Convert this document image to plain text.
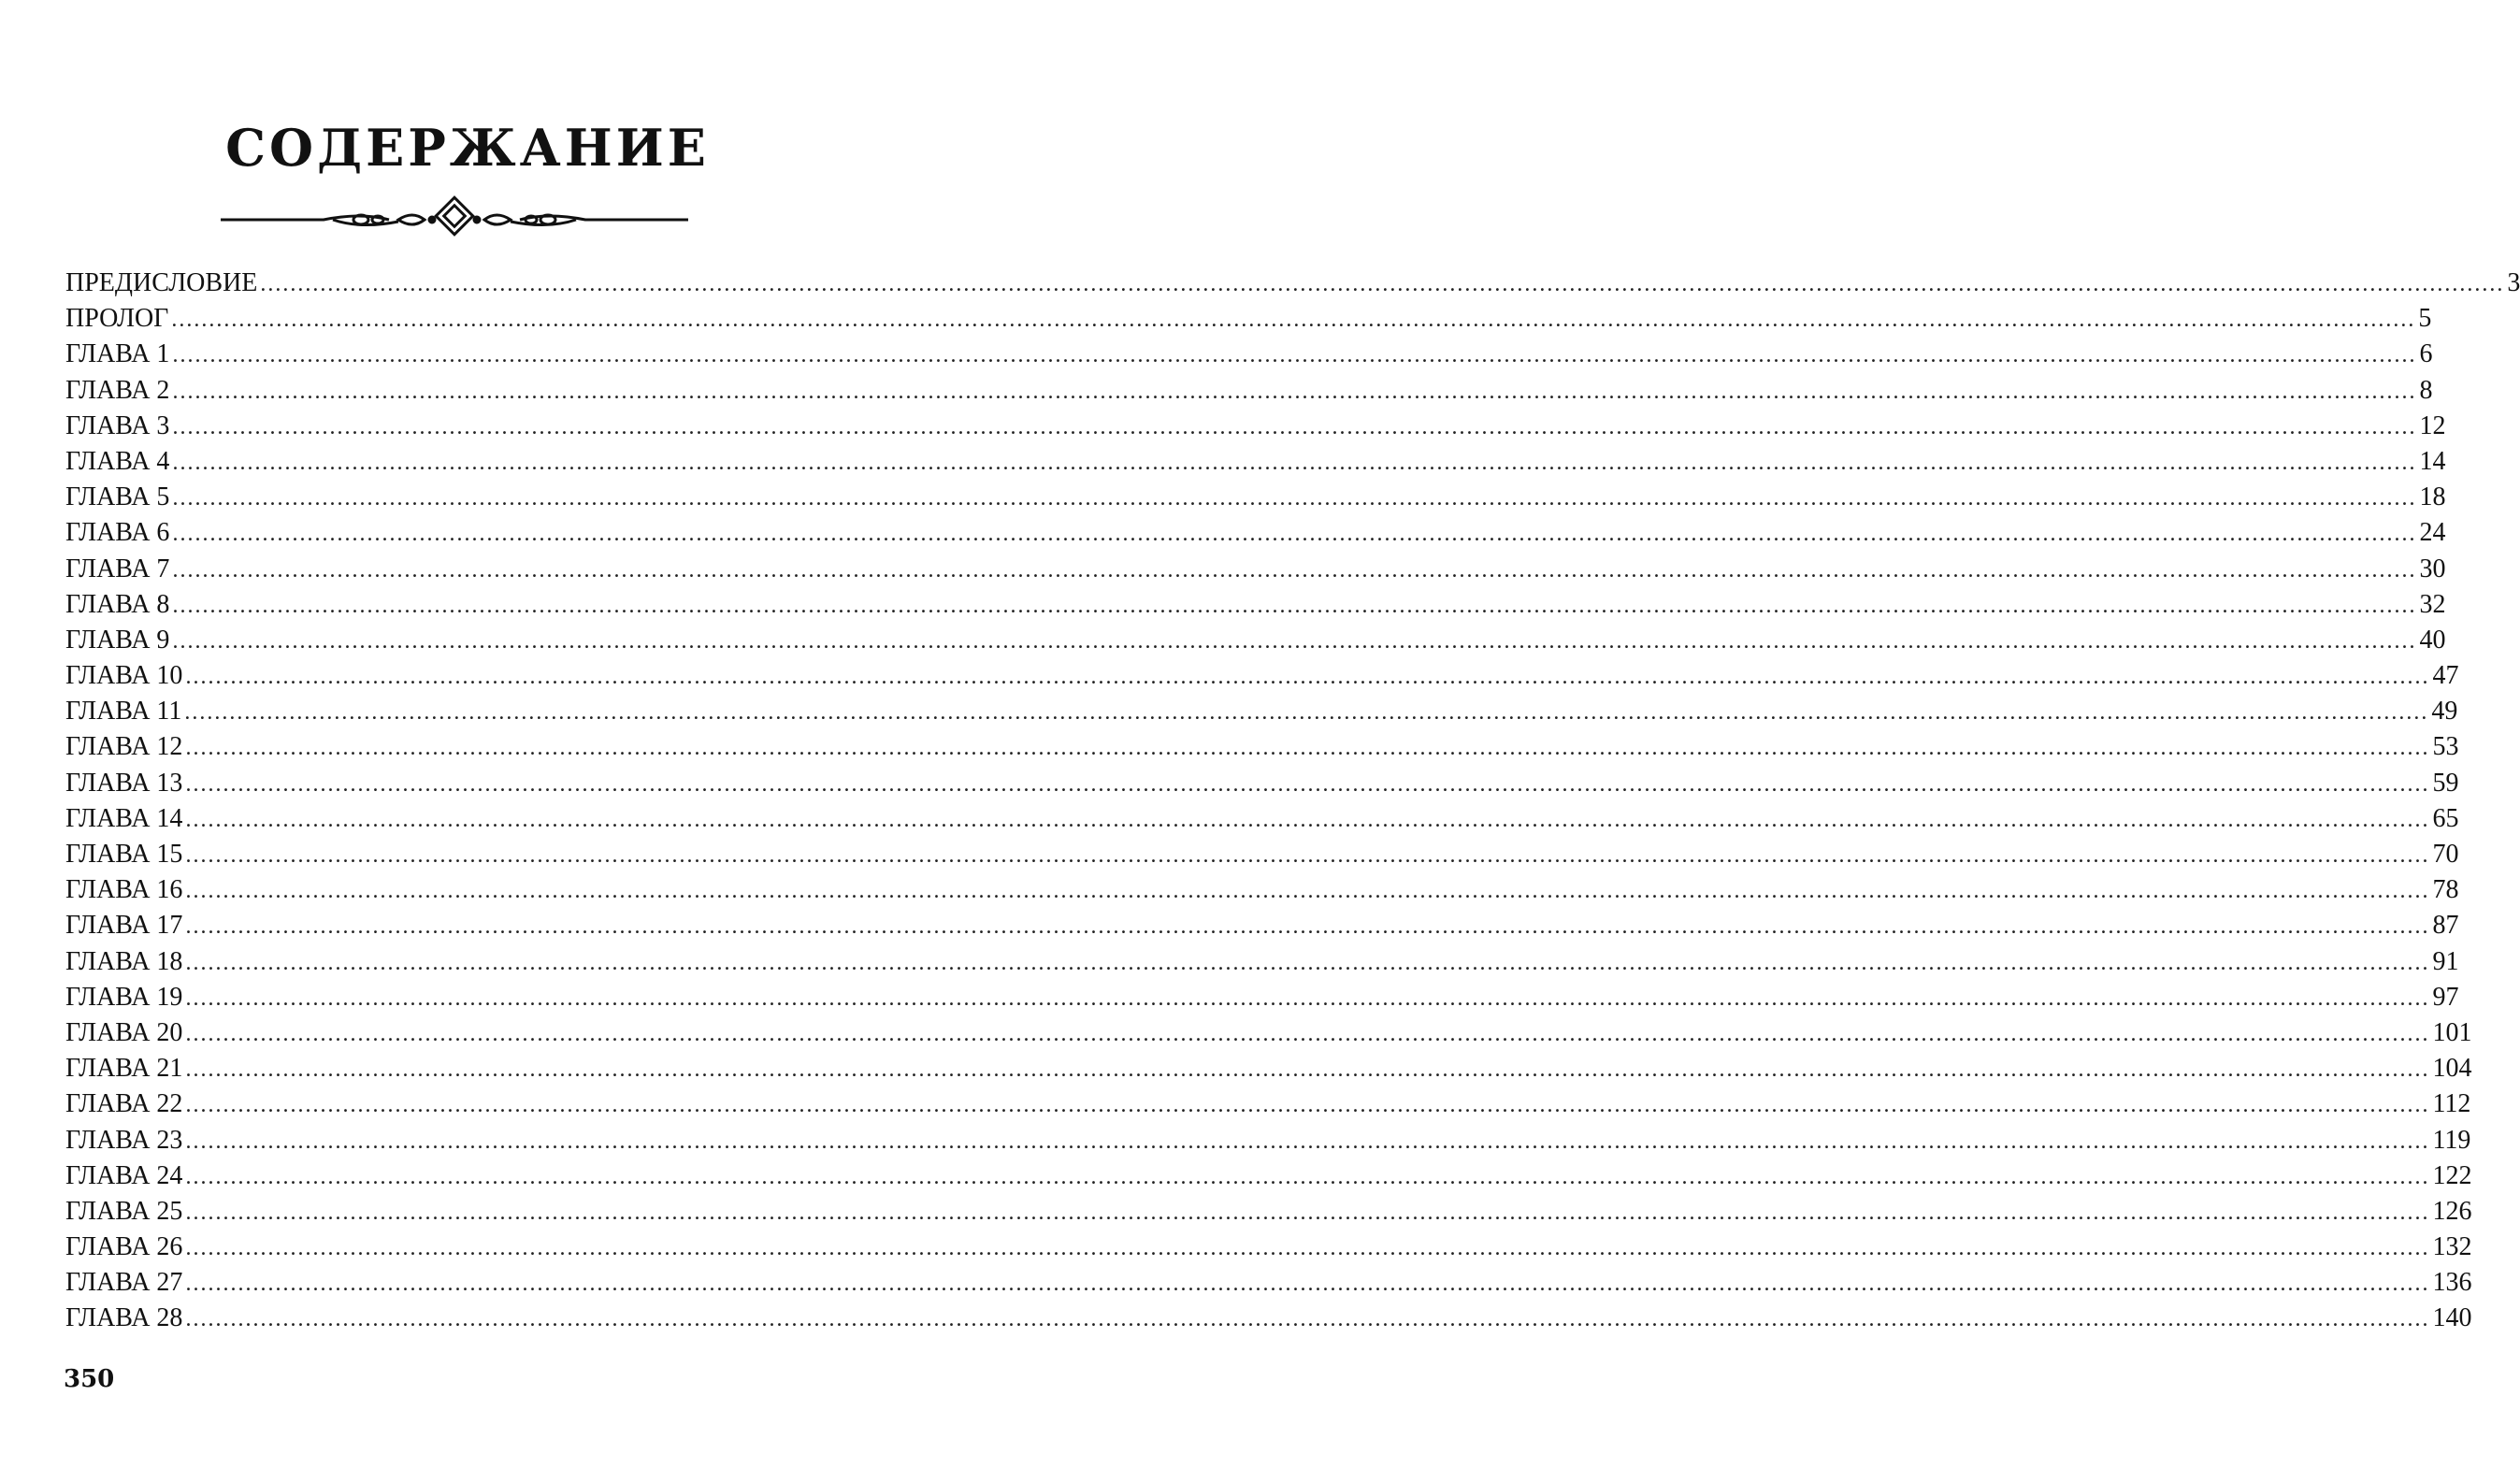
СОДЕРЖАНИЕ
ПРЕДИСЛОВИЕ ............................................................................................................................................................................................................................................................................................................ 3
ПРОЛОГ ............................................................................................................................................................................................................................................................................................................ 5
ГЛАВА 1 ............................................................................................................................................................................................................................................................................................................ 6
ГЛАВА 2 ............................................................................................................................................................................................................................................................................................................ 8
ГЛАВА 3 ............................................................................................................................................................................................................................................................................................................ 12
ГЛАВА 4 ............................................................................................................................................................................................................................................................................................................ 14
ГЛАВА 5 ............................................................................................................................................................................................................................................................................................................ 18
ГЛАВА 6 ............................................................................................................................................................................................................................................................................................................ 24
ГЛАВА 7 ............................................................................................................................................................................................................................................................................................................ 30
ГЛАВА 8 ............................................................................................................................................................................................................................................................................................................ 32
ГЛАВА 9 ............................................................................................................................................................................................................................................................................................................ 40
ГЛАВА 10 ............................................................................................................................................................................................................................................................................................................ 47
ГЛАВА 11 ............................................................................................................................................................................................................................................................................................................ 49
ГЛАВА 12 ............................................................................................................................................................................................................................................................................................................ 53
ГЛАВА 13 ............................................................................................................................................................................................................................................................................................................ 59
ГЛАВА 14 ............................................................................................................................................................................................................................................................................................................ 65
ГЛАВА 15 ............................................................................................................................................................................................................................................................................................................ 70
ГЛАВА 16 ............................................................................................................................................................................................................................................................................................................ 78
ГЛАВА 17 ............................................................................................................................................................................................................................................................................................................ 87
ГЛАВА 18 ............................................................................................................................................................................................................................................................................................................ 91
ГЛАВА 19 ............................................................................................................................................................................................................................................................................................................ 97
ГЛАВА 20 ............................................................................................................................................................................................................................................................................................................ 101
ГЛАВА 21 ............................................................................................................................................................................................................................................................................................................ 104
ГЛАВА 22 ............................................................................................................................................................................................................................................................................................................ 112
ГЛАВА 23 ............................................................................................................................................................................................................................................................................................................ 119
ГЛАВА 24 ............................................................................................................................................................................................................................................................................................................ 122
ГЛАВА 25 ............................................................................................................................................................................................................................................................................................................ 126
ГЛАВА 26 ............................................................................................................................................................................................................................................................................................................ 132
ГЛАВА 27 ............................................................................................................................................................................................................................................................................................................ 136
ГЛАВА 28 ............................................................................................................................................................................................................................................................................................................ 140
350
